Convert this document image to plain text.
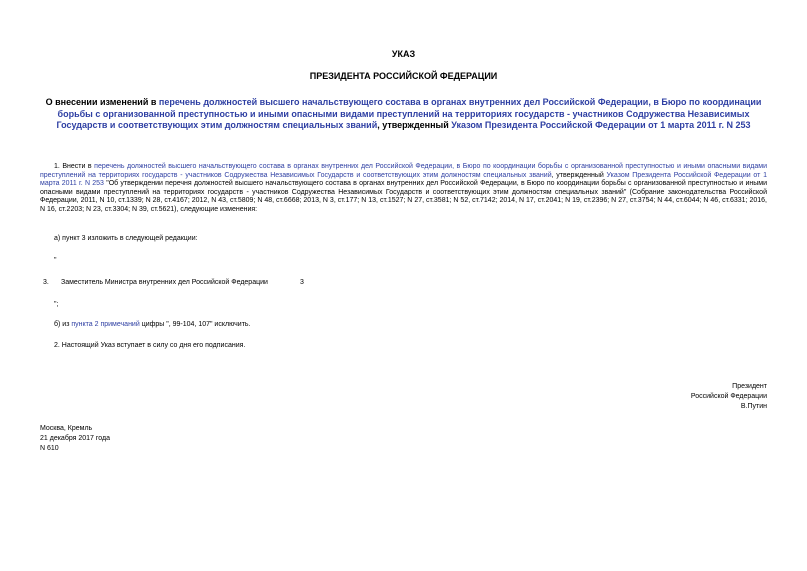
УКАЗ
ПРЕЗИДЕНТА РОССИЙСКОЙ ФЕДЕРАЦИИ
О внесении изменений в перечень должностей высшего начальствующего состава в органах внутренних дел Российской Федерации, в Бюро по координации борьбы с организованной преступностью и иными опасными видами преступлений на территориях государств - участников Содружества Независимых Государств и соответствующих этим должностям специальных званий, утвержденный Указом Президента Российской Федерации от 1 марта 2011 г. N 253
1. Внести в перечень должностей высшего начальствующего состава в органах внутренних дел Российской Федерации, в Бюро по координации борьбы с организованной преступностью и иными опасными видами преступлений на территориях государств - участников Содружества Независимых Государств и соответствующих этим должностям специальных званий, утвержденный Указом Президента Российской Федерации от 1 марта 2011 г. N 253 "Об утверждении перечня должностей высшего начальствующего состава в органах внутренних дел Российской Федерации, в Бюро по координации борьбы с организованной преступностью и иными опасными видами преступлений на территориях государств - участников Содружества Независимых Государств и соответствующих этим должностям специальных званий" (Собрание законодательства Российской Федерации, 2011, N 10, ст.1339; N 28, ст.4167; 2012, N 43, ст.5809; N 48, ст.6668; 2013, N 3, ст.177; N 13, ст.1527; N 27, ст.3581; N 52, ст.7142; 2014, N 17, ст.2041; N 19, ст.2396; N 27, ст.3754; N 44, ст.6044; N 46, ст.6331; 2016, N 16, ст.2203; N 23, ст.3304; N 39, ст.5621), следующие изменения:
а) пункт 3 изложить в следующей редакции:
"
3. Заместитель Министра внутренних дел Российской Федерации	3
";
б) из пункта 2 примечаний цифры ", 99-104, 107" исключить.
2. Настоящий Указ вступает в силу со дня его подписания.
Президент
Российской Федерации
В.Путин
Москва, Кремль
21 декабря 2017 года
N 610
